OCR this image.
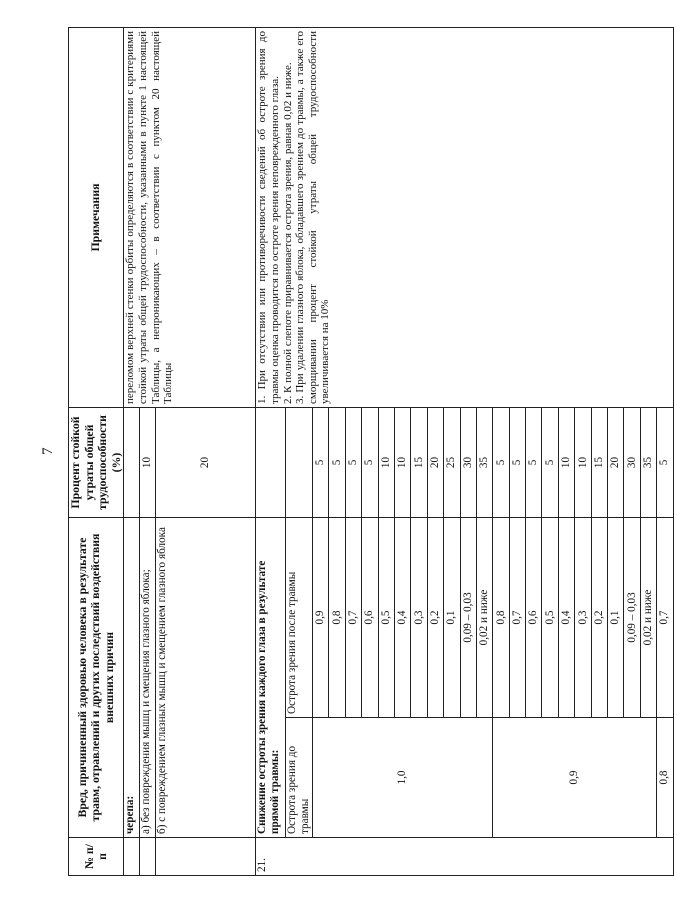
7
№ п/п	Вред, причиненный здоровью человека в результате травм, отравлений и других последствий воздействия внешних причин		Процент стойкой утраты общей трудоспособности (%)	Примечания
	черепа:			переломом верхней стенки орбиты определяются в соответствии с критериями стойкой утраты общей трудоспособности, указанными в пункте 1 настоящей Таблицы, а непроникающих – в соответствии с пунктом 20 настоящей Таблицы
	а) без повреждения мышц и смещения глазного яблока;		10	
	б) с повреждением глазных мышц и смещением глазного яблока		20	
21.	Снижение остроты зрения каждого глаза в результате прямой травмы:			1. При отсутствии или противоречивости сведений об остроте зрения до травмы оценка проводится по остроте зрения неповрежденного глаза. 2. К полной слепоте приравнивается острота зрения, равная 0,02 и ниже. 3. При удалении глазного яблока, обладавшего зрением до травмы, а также его сморщивании процент стойкой утраты общей трудоспособности увеличивается на 10%

	Острота зрения до травмы	Острота зрения после травмы		
	1,0	0,9	5	
		0,8	5	
		0,7	5	
		0,6	5	
		0,5	10	
		0,4	10	
		0,3	15	
		0,2	20	
		0,1	25	
		0,09 – 0,03	30	
		0,02 и ниже	35	
	0,9	0,8	5	
		0,7	5	
		0,6	5	
		0,5	5	
		0,4	10	
		0,3	10	
		0,2	15	
		0,1	20	
		0,09 – 0,03	30	
		0,02 и ниже	35	
	0,8	0,7	5	
